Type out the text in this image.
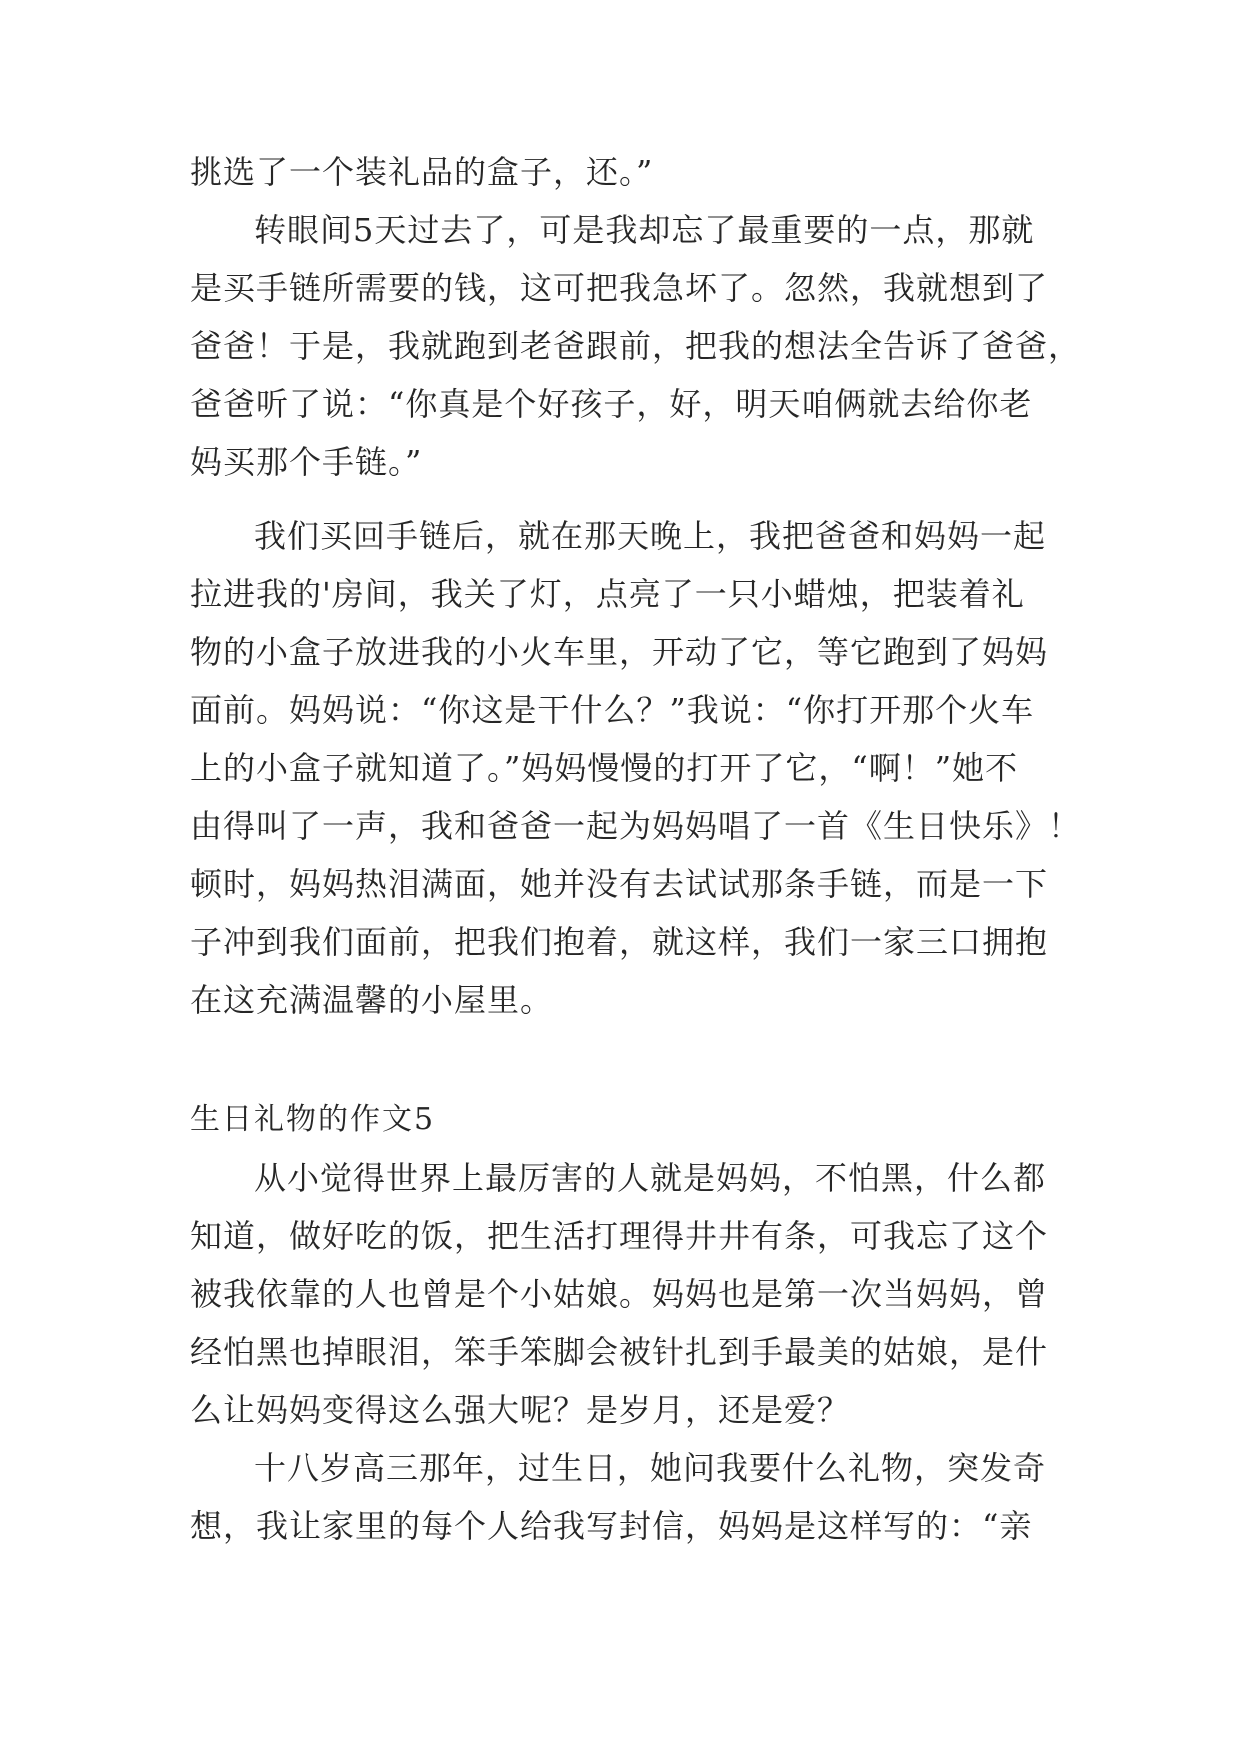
挑选了一个装礼品的盒子，还。”
转眼间5天过去了，可是我却忘了最重要的一点，那就
是买手链所需要的钱，这可把我急坏了。忽然，我就想到了
爸爸！于是，我就跑到老爸跟前，把我的想法全告诉了爸爸，
爸爸听了说：“你真是个好孩子，好，明天咱俩就去给你老
妈买那个手链。”
我们买回手链后，就在那天晚上，我把爸爸和妈妈一起
拉进我的'房间，我关了灯，点亮了一只小蜡烛，把装着礼
物的小盒子放进我的小火车里，开动了它，等它跑到了妈妈
面前。妈妈说：“你这是干什么？”我说：“你打开那个火车
上的小盒子就知道了。”妈妈慢慢的打开了它，“啊！”她不
由得叫了一声，我和爸爸一起为妈妈唱了一首《生日快乐》！
顿时，妈妈热泪满面，她并没有去试试那条手链，而是一下
子冲到我们面前，把我们抱着，就这样，我们一家三口拥抱
在这充满温馨的小屋里。
生日礼物的作文5
从小觉得世界上最厉害的人就是妈妈，不怕黑，什么都
知道，做好吃的饭，把生活打理得井井有条，可我忘了这个
被我依靠的人也曾是个小姑娘。妈妈也是第一次当妈妈，曾
经怕黑也掉眼泪，笨手笨脚会被针扎到手最美的姑娘，是什
么让妈妈变得这么强大呢？是岁月，还是爱？
十八岁高三那年，过生日，她问我要什么礼物，突发奇
想，我让家里的每个人给我写封信，妈妈是这样写的：“亲
